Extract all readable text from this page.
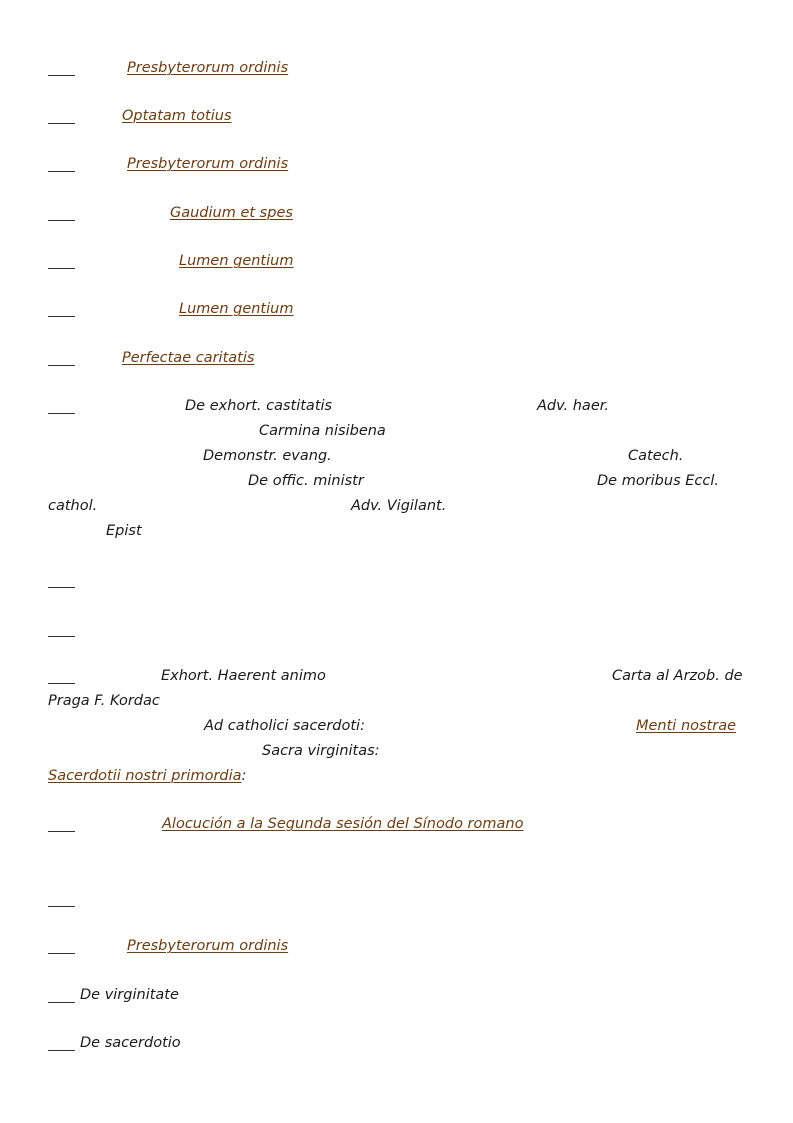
Presbyterorum ordinis
Optatam totius
Presbyterorum ordinis
Gaudium et spes
Lumen gentium
Lumen gentium
Perfectae caritatis
De exhort. castitatis	Adv. haer.
Carmina nisibena
Demonstr. evang.	Catech.
De offic. ministr	De moribus Eccl.
cathol.	Adv. Vigilant.
Epist
Exhort. Haerent animo	Carta al Arzob. de
Praga F. Kordac
Ad catholici sacerdoti:	Menti nostrae
Sacra virginitas:
Sacerdotii nostri primordia:
Alocución a la Segunda sesión del Sínodo romano
Presbyterorum ordinis
De virginitate
De sacerdotio
